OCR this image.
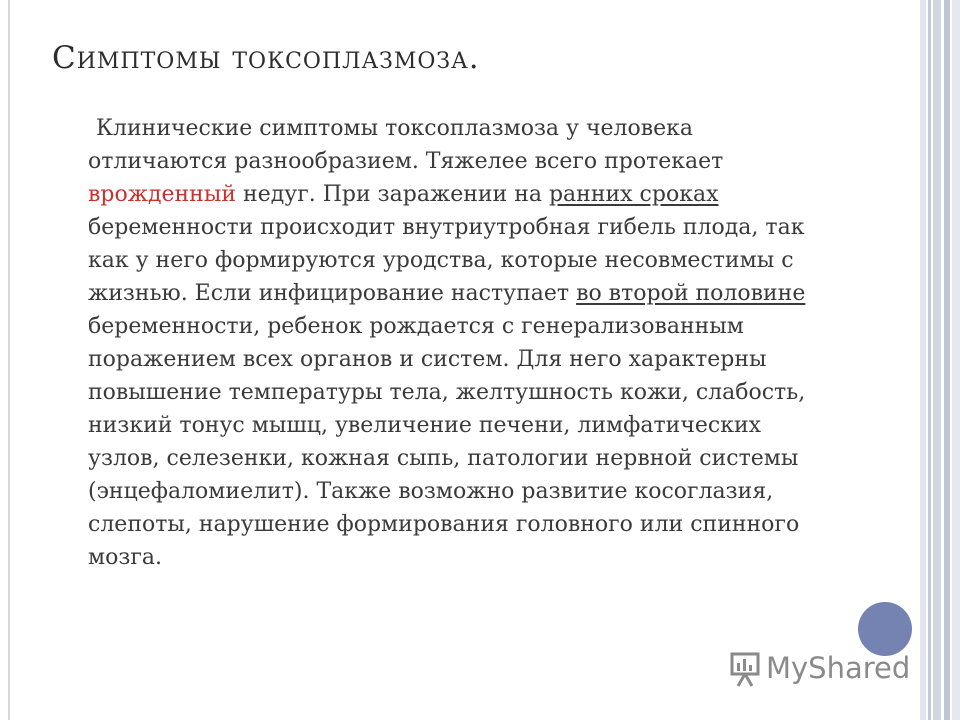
Симптомы токсоплазмоза.

Клинические симптомы токсоплазмоза у человека отличаются разнообразием. Тяжелее всего протекает врожденный недуг. При заражении на ранних сроках беременности происходит внутриутробная гибель плода, так как у него формируются уродства, которые несовместимы с жизнью. Если инфицирование наступает во второй половине беременности, ребенок рождается с генерализованным поражением всех органов и систем. Для него характерны повышение температуры тела, желтушность кожи, слабость, низкий тонус мышц, увеличение печени, лимфатических узлов, селезенки, кожная сыпь, патологии нервной системы (энцефаломиелит). Также возможно развитие косоглазия, слепоты, нарушение формирования головного или спинного мозга.

MyShared
